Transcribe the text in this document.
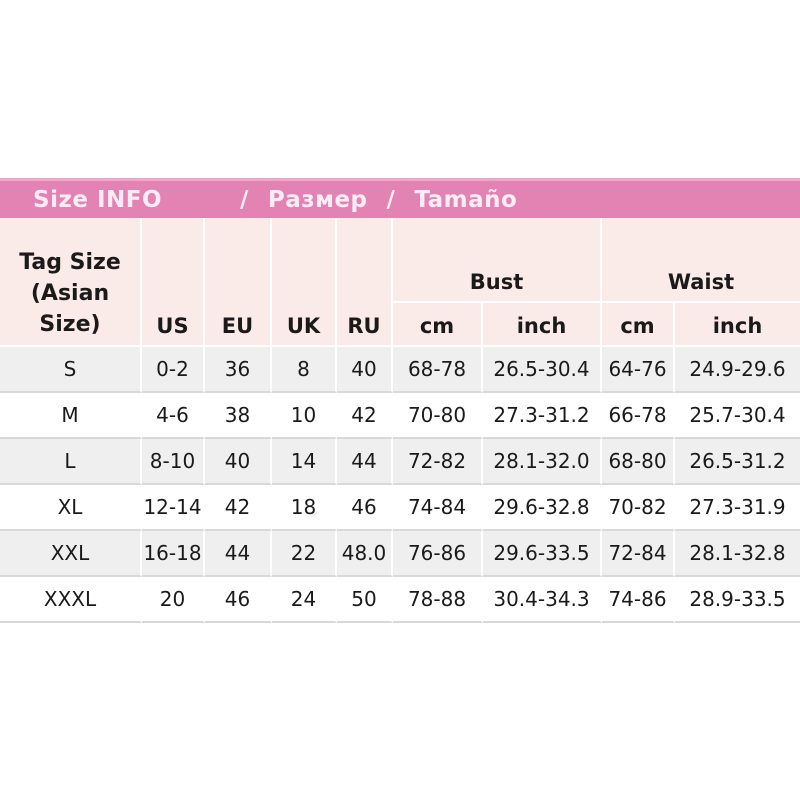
Size INFO	/ Размер / Tamaño
Tag Size
(Asian
Size)	US	EU	UK	RU	Bust		Waist	
					cm	inch	cm	inch
S	0-2	36	8	40	68-78	26.5-30.4	64-76	24.9-29.6
M	4-6	38	10	42	70-80	27.3-31.2	66-78	25.7-30.4
L	8-10	40	14	44	72-82	28.1-32.0	68-80	26.5-31.2
XL	12-14	42	18	46	74-84	29.6-32.8	70-82	27.3-31.9
XXL	16-18	44	22	48.0	76-86	29.6-33.5	72-84	28.1-32.8
XXXL	20	46	24	50	78-88	30.4-34.3	74-86	28.9-33.5
